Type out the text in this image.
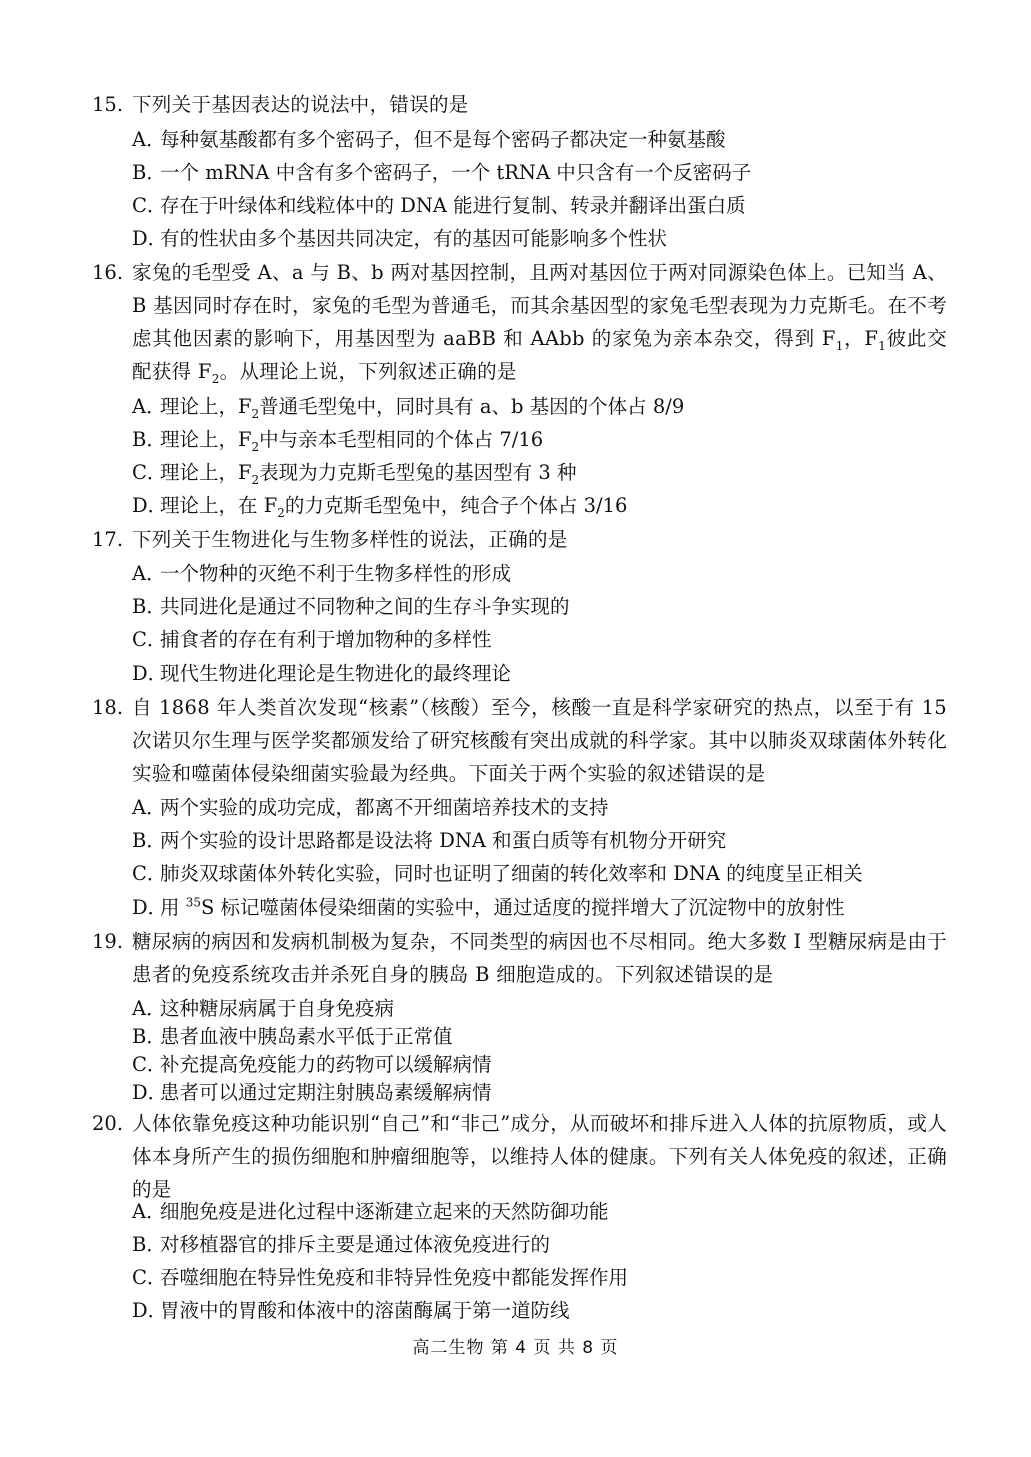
15. 下列关于基因表达的说法中，错误的是
A．每种氨基酸都有多个密码子，但不是每个密码子都决定一种氨基酸
B．一个 mRNA 中含有多个密码子，一个 tRNA 中只含有一个反密码子
C．存在于叶绿体和线粒体中的 DNA 能进行复制、转录并翻译出蛋白质
D．有的性状由多个基因共同决定，有的基因可能影响多个性状
16. 家兔的毛型受 A、a 与 B、b 两对基因控制，且两对基因位于两对同源染色体上。已知当 A、B 基因同时存在时，家兔的毛型为普通毛，而其余基因型的家兔毛型表现为力克斯毛。在不考虑其他因素的影响下，用基因型为 aaBB 和 AAbb 的家兔为亲本杂交，得到 $F_1$，$F_1$彼此交配获得 $F_2$。从理论上说，下列叙述正确的是
A．理论上，$F_2$普通毛型兔中，同时具有 a、b 基因的个体占 8/9
B．理论上，$F_2$中与亲本毛型相同的个体占 7/16
C．理论上，$F_2$表现为力克斯毛型兔的基因型有 3 种
D．理论上，在 $F_2$的力克斯毛型兔中，纯合子个体占 3/16
17. 下列关于生物进化与生物多样性的说法，正确的是
A．一个物种的灭绝不利于生物多样性的形成
B．共同进化是通过不同物种之间的生存斗争实现的
C．捕食者的存在有利于增加物种的多样性
D．现代生物进化理论是生物进化的最终理论
18. 自 1868 年人类首次发现“核素”（核酸）至今，核酸一直是科学家研究的热点，以至于有 15 次诺贝尔生理与医学奖都颁发给了研究核酸有突出成就的科学家。其中以肺炎双球菌体外转化实验和噬菌体侵染细菌实验最为经典。下面关于两个实验的叙述错误的是
A．两个实验的成功完成，都离不开细菌培养技术的支持
B．两个实验的设计思路都是设法将 DNA 和蛋白质等有机物分开研究
C．肺炎双球菌体外转化实验，同时也证明了细菌的转化效率和 DNA 的纯度呈正相关
D．用 $^{35}$S 标记噬菌体侵染细菌的实验中，通过适度的搅拌增大了沉淀物中的放射性
19. 糖尿病的病因和发病机制极为复杂，不同类型的病因也不尽相同。绝大多数 I 型糖尿病是由于患者的免疫系统攻击并杀死自身的胰岛 B 细胞造成的。下列叙述错误的是
A．这种糖尿病属于自身免疫病
B．患者血液中胰岛素水平低于正常值
C．补充提高免疫能力的药物可以缓解病情
D．患者可以通过定期注射胰岛素缓解病情
20. 人体依靠免疫这种功能识别“自己”和“非己”成分，从而破坏和排斥进入人体的抗原物质，或人体本身所产生的损伤细胞和肿瘤细胞等，以维持人体的健康。下列有关人体免疫的叙述，正确的是
A．细胞免疫是进化过程中逐渐建立起来的天然防御功能
B．对移植器官的排斥主要是通过体液免疫进行的
C．吞噬细胞在特异性免疫和非特异性免疫中都能发挥作用
D．胃液中的胃酸和体液中的溶菌酶属于第一道防线
高二生物 第 4 页 共 8 页
